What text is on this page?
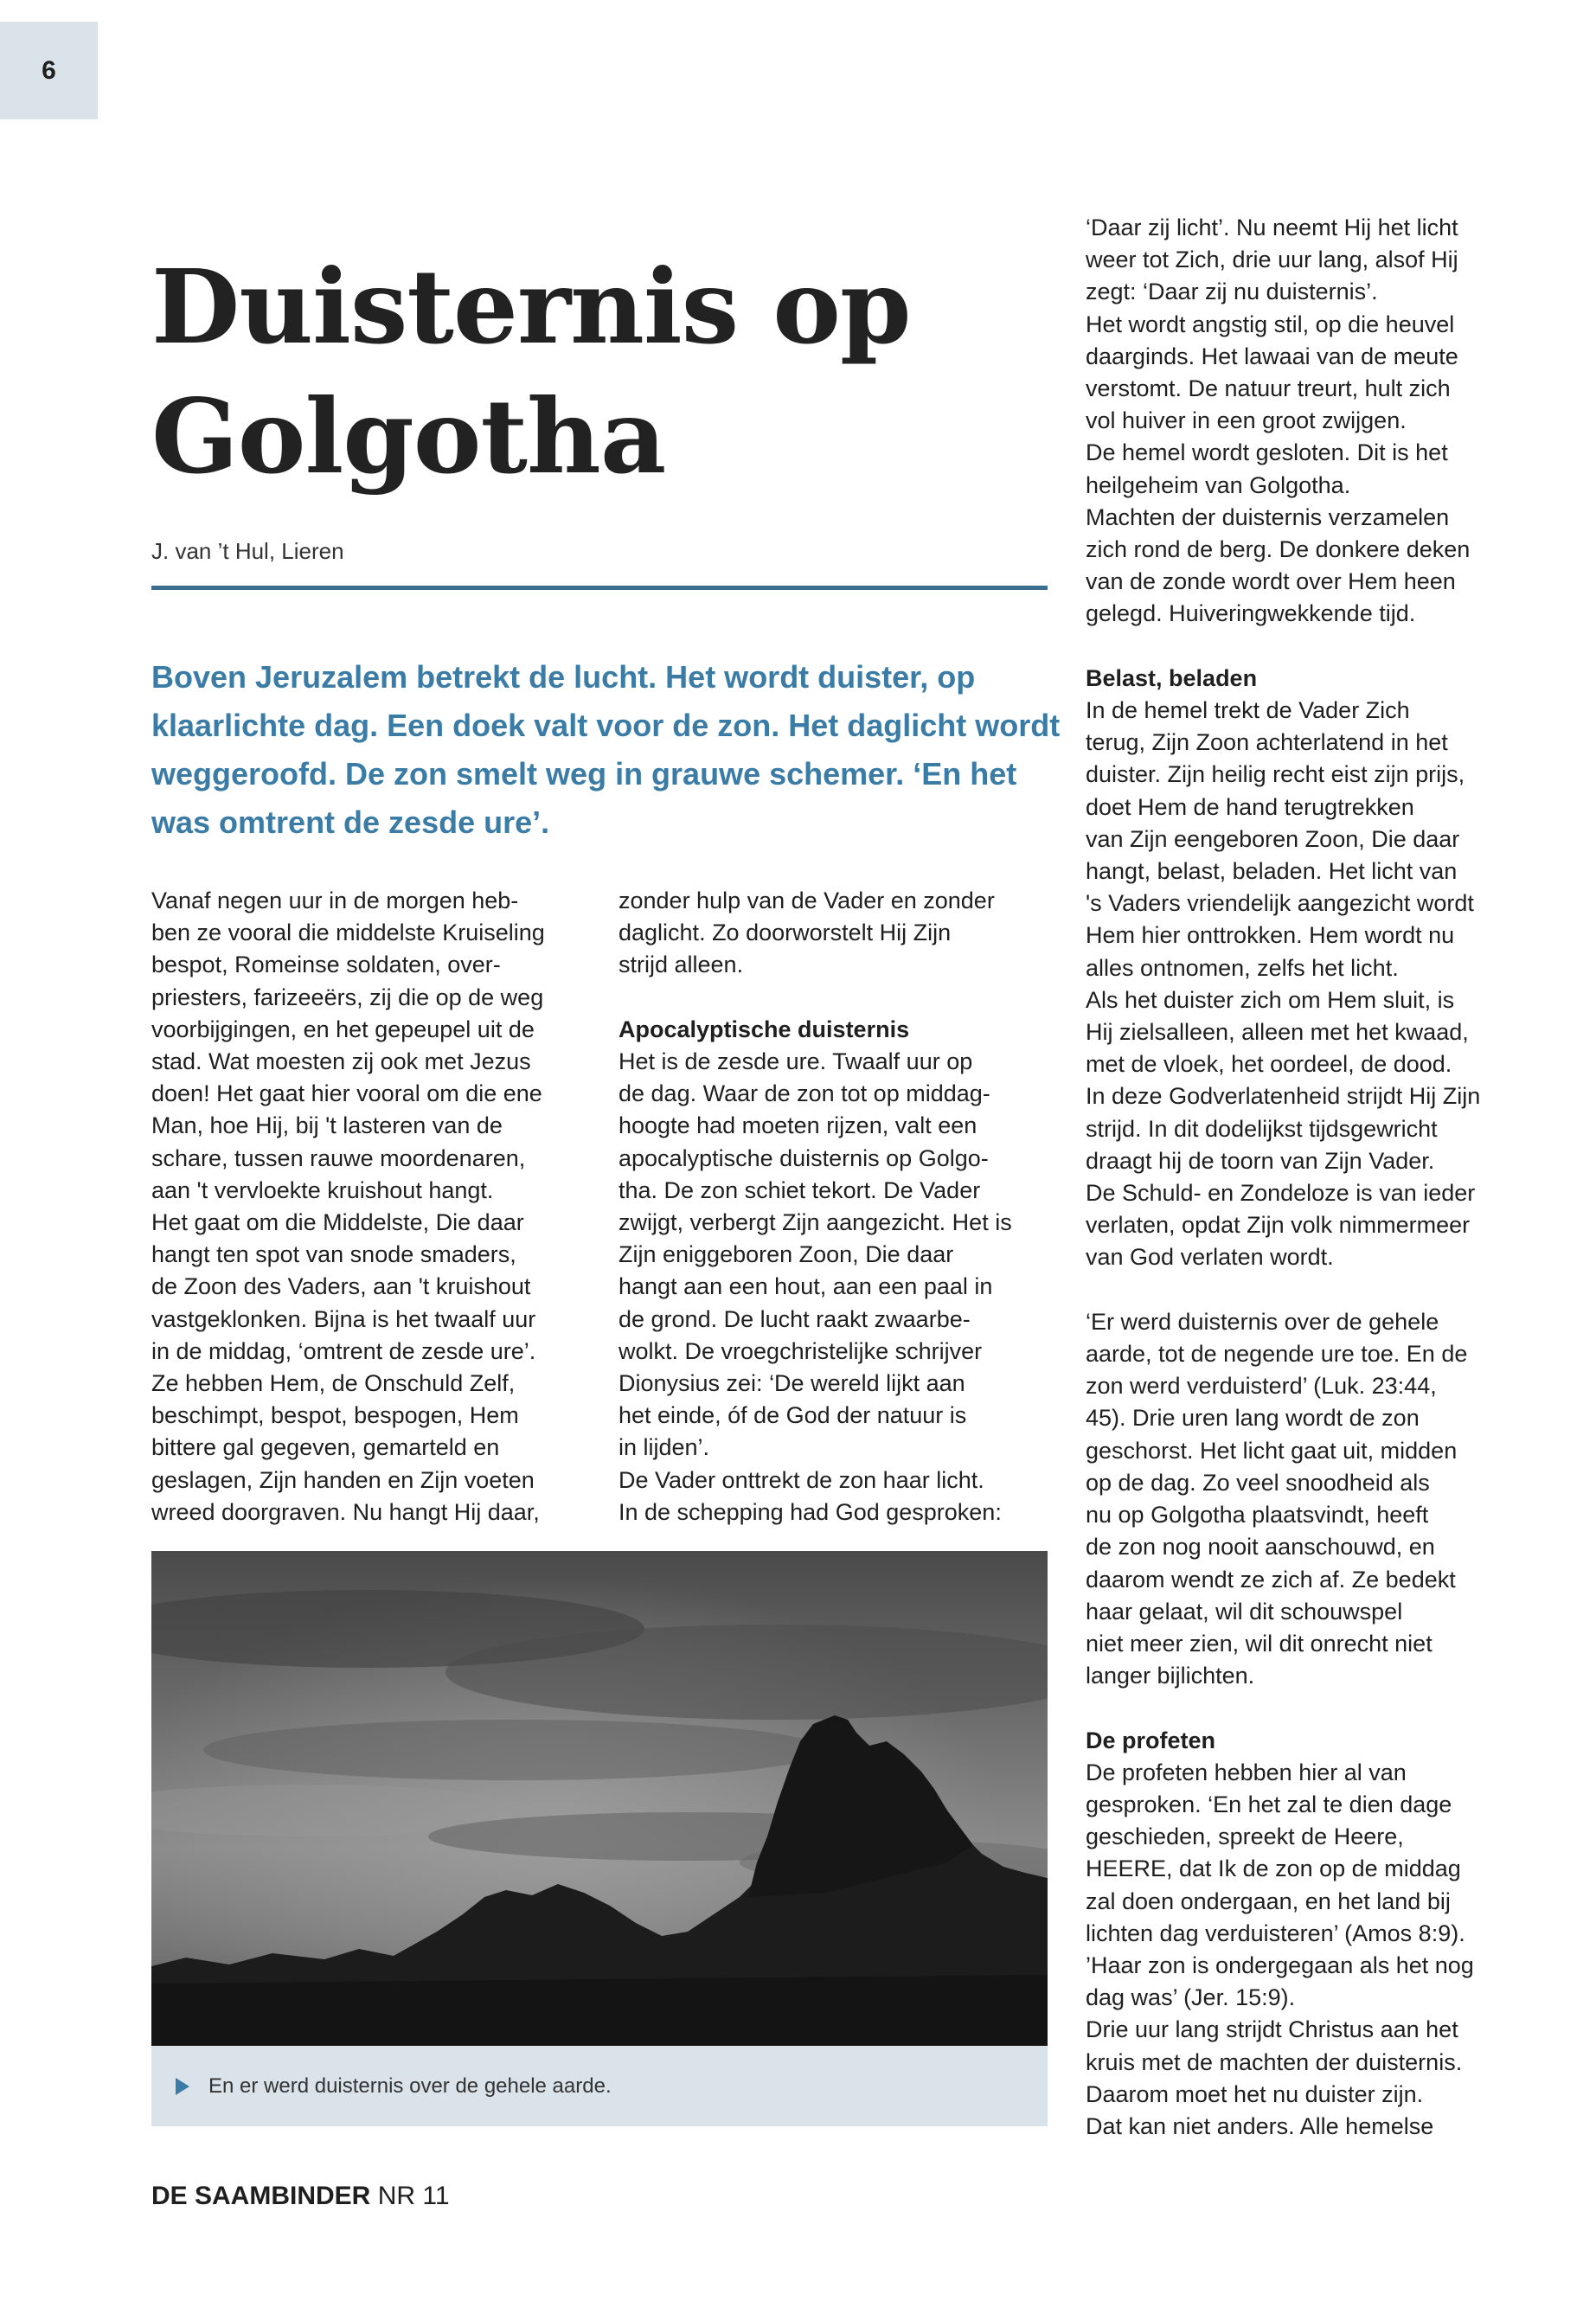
6
Duisternis op
Golgotha
J. van ’t Hul, Lieren

Boven Jeruzalem betrekt de lucht. Het wordt duister, op klaarlichte dag. Een doek valt voor de zon. Het daglicht wordt weggeroofd. De zon smelt weg in grauwe schemer. ‘En het was omtrent de zesde ure’.

Vanaf negen uur in de morgen heb-
ben ze vooral die middelste Kruiseling
bespot, Romeinse soldaten, over-
priesters, farizeeërs, zij die op de weg
voorbijgingen, en het gepeupel uit de
stad. Wat moesten zij ook met Jezus
doen! Het gaat hier vooral om die ene
Man, hoe Hij, bij 't lasteren van de
schare, tussen rauwe moordenaren,
aan 't vervloekte kruishout hangt.
Het gaat om die Middelste, Die daar
hangt ten spot van snode smaders,
de Zoon des Vaders, aan 't kruishout
vastgeklonken. Bijna is het twaalf uur
in de middag, ‘omtrent de zesde ure’.
Ze hebben Hem, de Onschuld Zelf,
beschimpt, bespot, bespogen, Hem
bittere gal gegeven, gemarteld en
geslagen, Zijn handen en Zijn voeten
wreed doorgraven. Nu hangt Hij daar,

zonder hulp van de Vader en zonder
daglicht. Zo doorworstelt Hij Zijn
strijd alleen.

Apocalyptische duisternis

Het is de zesde ure. Twaalf uur op
de dag. Waar de zon tot op middag-
hoogte had moeten rijzen, valt een
apocalyptische duisternis op Golgo-
tha. De zon schiet tekort. De Vader
zwijgt, verbergt Zijn aangezicht. Het is
Zijn eniggeboren Zoon, Die daar
hangt aan een hout, aan een paal in
de grond. De lucht raakt zwaarbe-
wolkt. De vroegchristelijke schrijver
Dionysius zei: ‘De wereld lijkt aan
het einde, óf de God der natuur is
in lijden’.
De Vader onttrekt de zon haar licht.
In de schepping had God gesproken:

‘Daar zij licht’. Nu neemt Hij het licht
weer tot Zich, drie uur lang, alsof Hij
zegt: ‘Daar zij nu duisternis’.
Het wordt angstig stil, op die heuvel
daarginds. Het lawaai van de meute
verstomt. De natuur treurt, hult zich
vol huiver in een groot zwijgen.
De hemel wordt gesloten. Dit is het
heilgeheim van Golgotha.
Machten der duisternis verzamelen
zich rond de berg. De donkere deken
van de zonde wordt over Hem heen
gelegd. Huiveringwekkende tijd.

Belast, beladen

In de hemel trekt de Vader Zich
terug, Zijn Zoon achterlatend in het
duister. Zijn heilig recht eist zijn prijs,
doet Hem de hand terugtrekken
van Zijn eengeboren Zoon, Die daar
hangt, belast, beladen. Het licht van
's Vaders vriendelijk aangezicht wordt
Hem hier onttrokken. Hem wordt nu
alles ontnomen, zelfs het licht.
Als het duister zich om Hem sluit, is
Hij zielsalleen, alleen met het kwaad,
met de vloek, het oordeel, de dood.
In deze Godverlatenheid strijdt Hij Zijn
strijd. In dit dodelijkst tijdsgewricht
draagt hij de toorn van Zijn Vader.
De Schuld- en Zondeloze is van ieder
verlaten, opdat Zijn volk nimmermeer
van God verlaten wordt.

‘Er werd duisternis over de gehele
aarde, tot de negende ure toe. En de
zon werd verduisterd’ (Luk. 23:44,
45). Drie uren lang wordt de zon
geschorst. Het licht gaat uit, midden
op de dag. Zo veel snoodheid als
nu op Golgotha plaatsvindt, heeft
de zon nog nooit aanschouwd, en
daarom wendt ze zich af. Ze bedekt
haar gelaat, wil dit schouwspel
niet meer zien, wil dit onrecht niet
langer bijlichten.

De profeten

De profeten hebben hier al van
gesproken. ‘En het zal te dien dage
geschieden, spreekt de Heere,
HEERE, dat Ik de zon op de middag
zal doen ondergaan, en het land bij
lichten dag verduisteren’ (Amos 8:9).
’Haar zon is ondergegaan als het nog
dag was’ (Jer. 15:9).
Drie uur lang strijdt Christus aan het
kruis met de machten der duisternis.
Daarom moet het nu duister zijn.
Dat kan niet anders. Alle hemelse

En er werd duisternis over de gehele aarde.
DE SAAMBINDER NR 11
